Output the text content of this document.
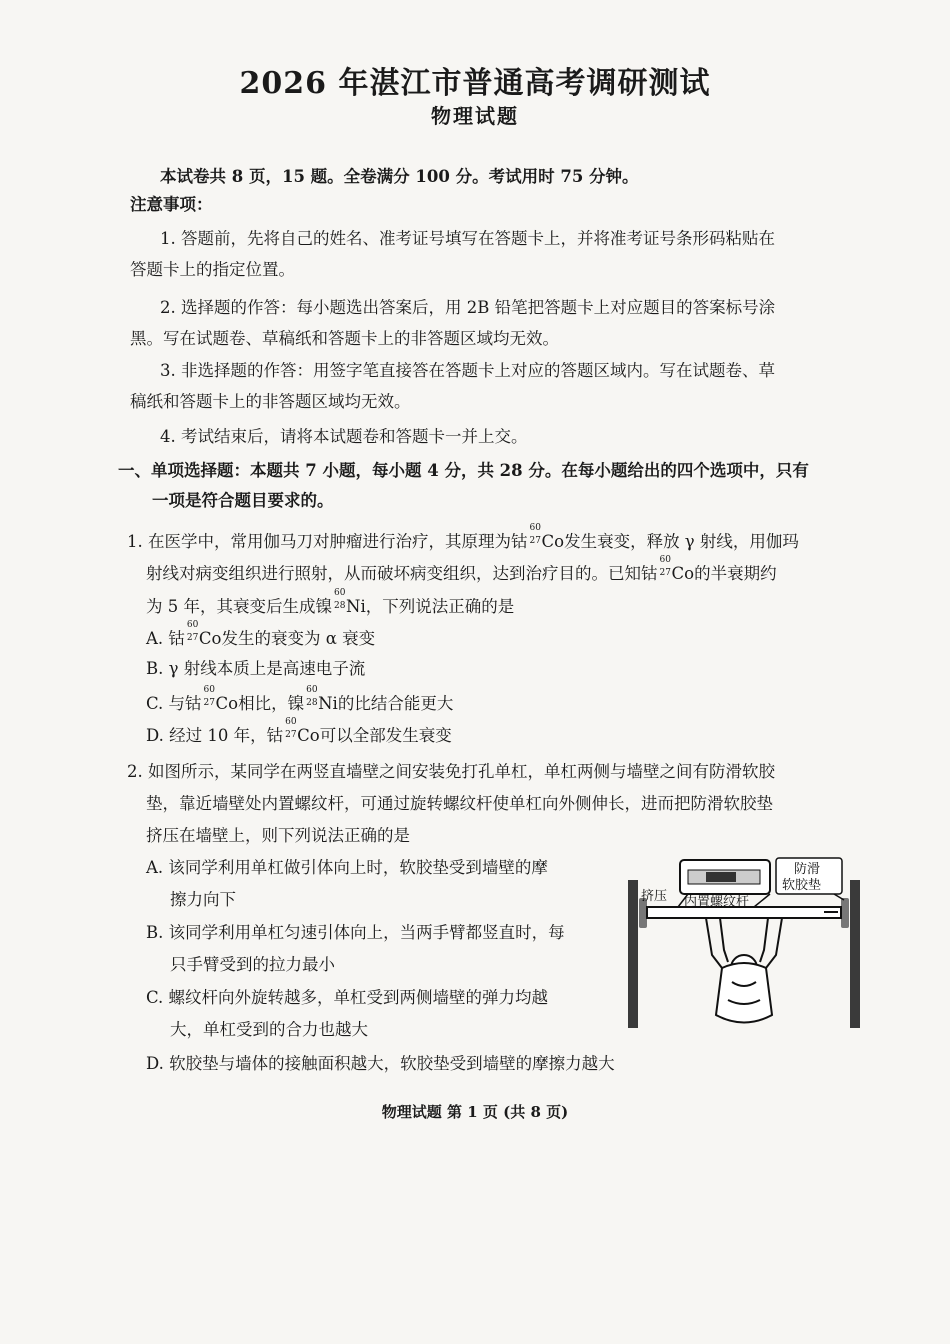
2026 年湛江市普通高考调研测试
物理试题
本试卷共 8 页，15 题。全卷满分 100 分。考试用时 75 分钟。
注意事项：
1. 答题前，先将自己的姓名、准考证号填写在答题卡上，并将准考证号条形码粘贴在
答题卡上的指定位置。
2. 选择题的作答：每小题选出答案后，用 2B 铅笔把答题卡上对应题目的答案标号涂
黑。写在试题卷、草稿纸和答题卡上的非答题区域均无效。
3. 非选择题的作答：用签字笔直接答在答题卡上对应的答题区域内。写在试题卷、草
稿纸和答题卡上的非答题区域均无效。
4. 考试结束后，请将本试题卷和答题卡一并上交。
一、单项选择题：本题共 7 小题，每小题 4 分，共 28 分。在每小题给出的四个选项中，只有
一项是符合题目要求的。
1. 在医学中，常用伽马刀对肿瘤进行治疗，其原理为钴
60
27 Co发生衰变，释放 γ 射线，用伽玛
射线对病变组织进行照射，从而破坏病变组织，达到治疗目的。已知钴
60
27 Co的半衰期约
为 5 年，其衰变后生成镍
60
28 Ni，下列说法正确的是
A. 钴
60
27 Co发生的衰变为 α 衰变
B. γ 射线本质上是高速电子流
C. 与钴
60
27 Co相比，镍
60
28 Ni的比结合能更大
D. 经过 10 年，钴
60
27 Co可以全部发生衰变
2. 如图所示，某同学在两竖直墙壁之间安装免打孔单杠，单杠两侧与墙壁之间有防滑软胶
垫，靠近墙壁处内置螺纹杆，可通过旋转螺纹杆使单杠向外侧伸长，进而把防滑软胶垫
挤压在墙壁上，则下列说法正确的是
A. 该同学利用单杠做引体向上时，软胶垫受到墙壁的摩
擦力向下
B. 该同学利用单杠匀速引体向上，当两手臂都竖直时，每
只手臂受到的拉力最小
C. 螺纹杆向外旋转越多，单杠受到两侧墙壁的弹力均越
大，单杠受到的合力也越大
D. 软胶垫与墙体的接触面积越大，软胶垫受到墙壁的摩擦力越大
挤压 内置螺纹杆
防滑
软胶垫
物理试题 第 1 页 (共 8 页)
